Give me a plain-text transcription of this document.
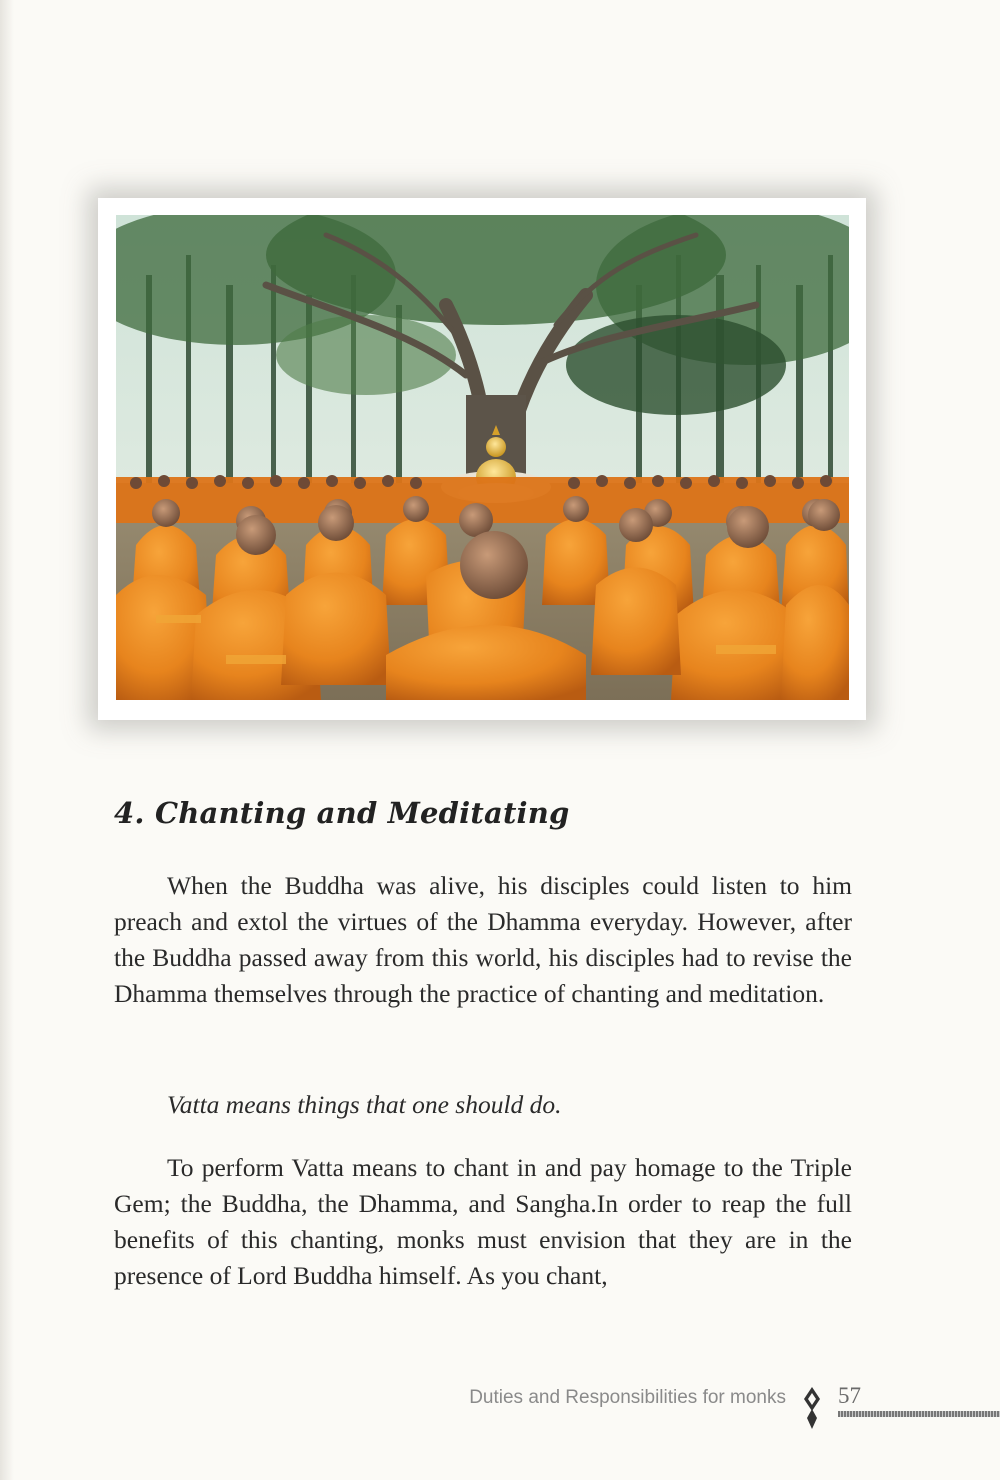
4. Chanting and Meditating

When the Buddha was alive, his disciples could listen to him preach and extol the virtues of the Dhamma everyday. However, after the Buddha passed away from this world, his disciples had to revise the Dhamma themselves through the practice of chanting and meditation.

Vatta means things that one should do.

To perform Vatta means to chant in and pay homage to the Triple Gem; the Buddha, the Dhamma, and Sangha.In order to reap the full benefits of this chanting, monks must envision that they are in the presence of Lord Buddha himself. As you chant,

Duties and Responsibilities for monks 57
